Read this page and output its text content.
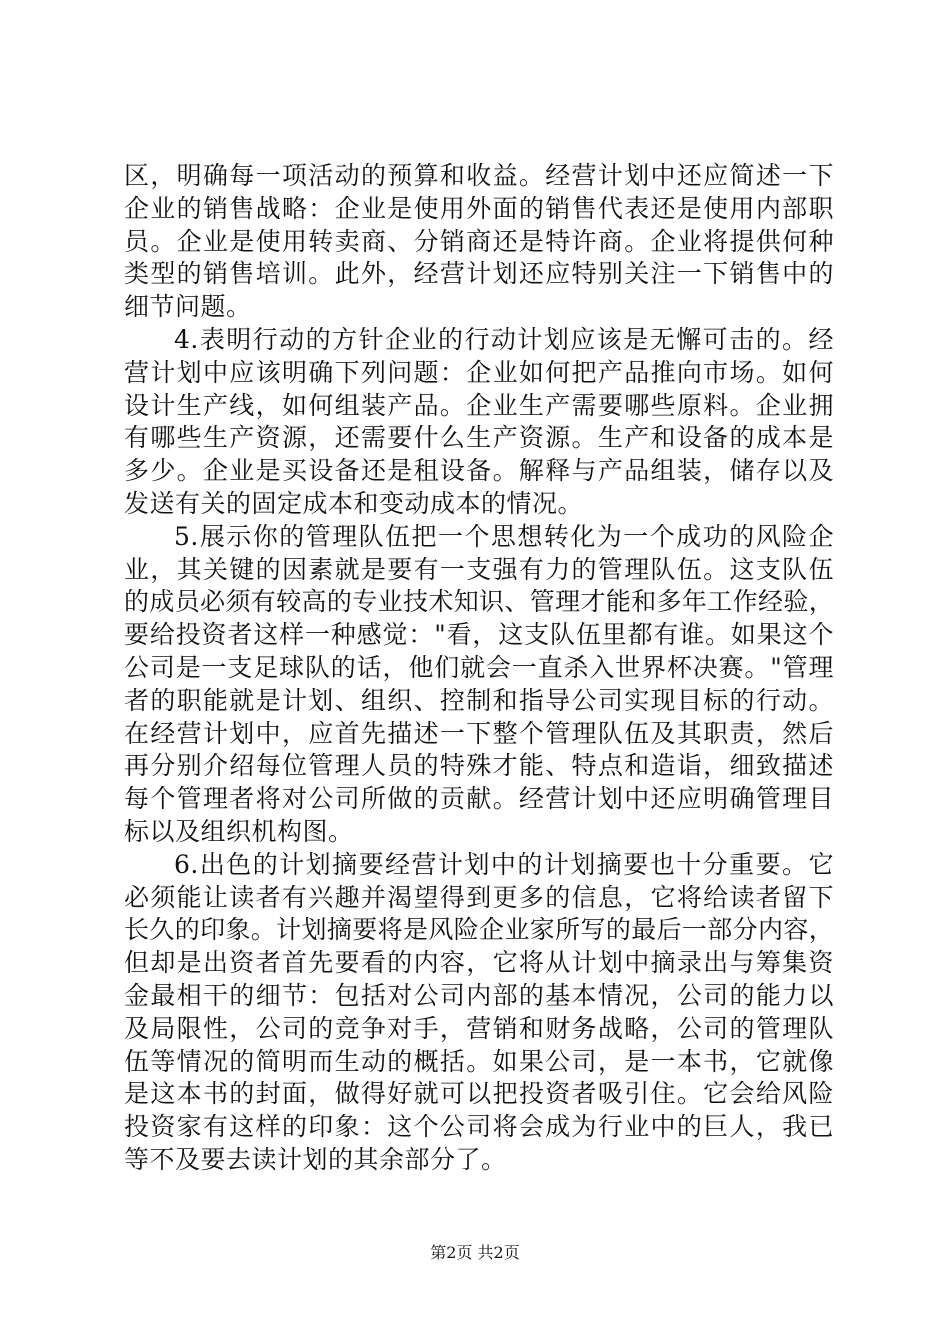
区，明确每一项活动的预算和收益。经营计划中还应简述一下
企业的销售战略：企业是使用外面的销售代表还是使用内部职
员。企业是使用转卖商、分销商还是特许商。企业将提供何种
类型的销售培训。此外，经营计划还应特别关注一下销售中的
细节问题。
4.表明行动的方针企业的行动计划应该是无懈可击的。经
营计划中应该明确下列问题：企业如何把产品推向市场。如何
设计生产线，如何组装产品。企业生产需要哪些原料。企业拥
有哪些生产资源，还需要什么生产资源。生产和设备的成本是
多少。企业是买设备还是租设备。解释与产品组装，储存以及
发送有关的固定成本和变动成本的情况。
5.展示你的管理队伍把一个思想转化为一个成功的风险企
业，其关键的因素就是要有一支强有力的管理队伍。这支队伍
的成员必须有较高的专业技术知识、管理才能和多年工作经验，
要给投资者这样一种感觉："看，这支队伍里都有谁。如果这个
公司是一支足球队的话，他们就会一直杀入世界杯决赛。"管理
者的职能就是计划、组织、控制和指导公司实现目标的行动。
在经营计划中，应首先描述一下整个管理队伍及其职责，然后
再分别介绍每位管理人员的特殊才能、特点和造诣，细致描述
每个管理者将对公司所做的贡献。经营计划中还应明确管理目
标以及组织机构图。
6.出色的计划摘要经营计划中的计划摘要也十分重要。它
必须能让读者有兴趣并渴望得到更多的信息，它将给读者留下
长久的印象。计划摘要将是风险企业家所写的最后一部分内容，
但却是出资者首先要看的内容，它将从计划中摘录出与筹集资
金最相干的细节：包括对公司内部的基本情况，公司的能力以
及局限性，公司的竞争对手，营销和财务战略，公司的管理队
伍等情况的简明而生动的概括。如果公司，是一本书，它就像
是这本书的封面，做得好就可以把投资者吸引住。它会给风险
投资家有这样的印象：这个公司将会成为行业中的巨人，我已
等不及要去读计划的其余部分了。
第2页 共2页
